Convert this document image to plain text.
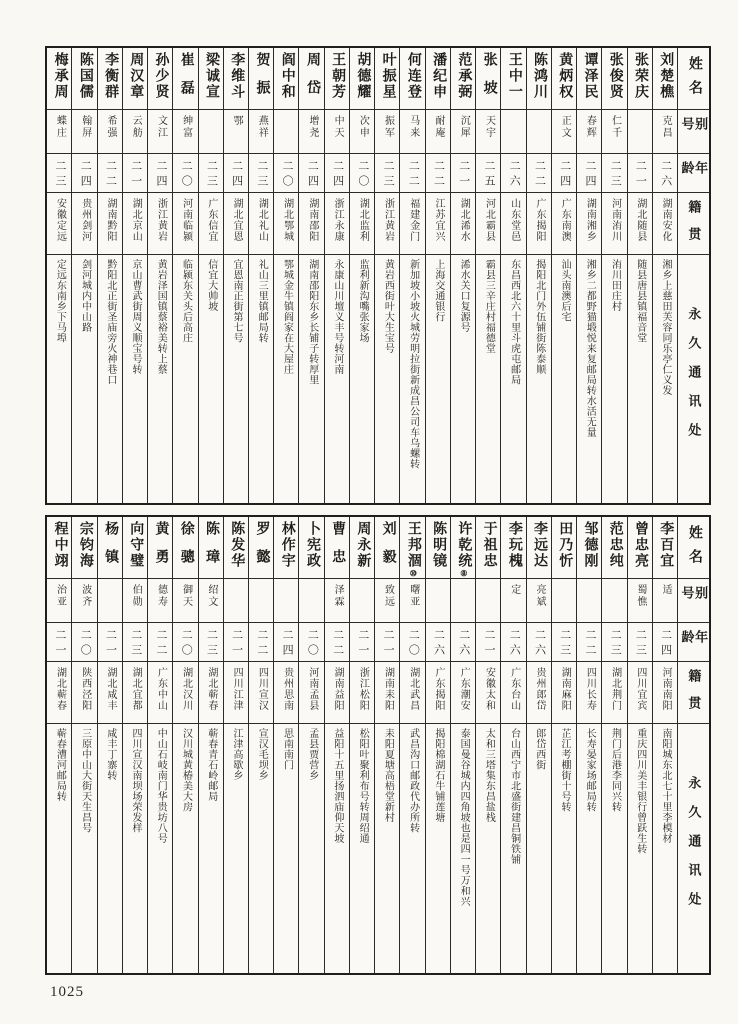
姓名
别号
年龄
籍贯
永久通讯处
刘楚樵
克昌
二六
湖南安化
湘乡上慈田芙容同乐亭仁义发
张荣庆
二一
湖北随县
随县唐县镇福音堂
张俊贤
仁千
二三
河南洧川
洧川田庄村
谭泽民
春辉
二四
湖南湘乡
湘乡二都野猫塅悦来复邮局转水活无量
黄炳权
正文
二四
广东南澳
汕头南澳后宅
陈鸿川
二二
广东揭阳
揭阳北门外伍铺街陈泰顺
王中一
二六
山东堂邑
东昌西北六十里斗虎屯邮局
张坡
天宇
二五
河北霸县
霸县三辛庄村福德堂
范承弼
沉犀
二一
湖北浠水
浠水关口复源号
潘纪申
耐庵
二二
江苏宜兴
上海交通银行
何连登
马来
二二
福建金门
新加坡小坡火城劳明拉街新成昌公司车乌螺转
叶振星
振军
二三
浙江黄岩
黄岩西街叶大生宝号
胡德耀
次申
二〇
湖北监利
监利新沟嘴张家场
王朝芳
中天
二四
浙江永康
永康山川壇义丰号转河南
周岱
增尧
二四
湖南邵阳
湖南邵阳东乡长铺子转厚里
阎中和
二〇
湖北鄂城
鄂城金牛镇阎家在大屋庄
贺振
燕祥
二三
湖北礼山
礼山三里镇邮局转
李维斗
鄂
二四
湖北宜恩
宜恩南正街第七号
梁诚宣
二三
广东信宜
信宜大帅坡
崔磊
绅富
二〇
河南临颍
临颍东关头后高庄
孙少贤
文江
二四
浙江黄岩
黄岩泽国镇蔡裕美转上蔡
周汉章
云舫
二一
湖北京山
京山曹武街周义顺宝号转
李衡群
希强
二二
湖南黔阳
黔阳北正街圣庙旁火神巷口
陈国儒
翰屏
二四
贵州剑河
剑河城内中山路
梅承周
蝶庄
二三
安徽定远
定远东南乡下马埠
姓名
别号
年龄
籍贯
永久通讯处
李百宜
适
二四
河南南阳
南阳城东北七十里李模材
曾忠亮
蜀憔
二三
四川宜宾
重庆四川美丰银行曾跃生转
范忠纯
二三
湖北荆门
荆门后港李同兴转
邹德刚
二二
四川长寿
长寿晏家场邮局转
田乃忻
二三
湖南麻阳
芷江考棚街十号转
李远达
亮斌
二六
贵州郎岱
郎岱西街
李玩槐
定
二六
广东台山
台山西宁市北盛街建昌铜铁铺
于祖忠
二一
安徽太和
太和三塔集东昌盐栈
许乾统⑧
二六
广东潮安
泰国曼谷城内四角坡也是四一号万和兴
陈明镜
二六
广东揭阳
揭阳棉湖石牛铺莲塘
王邦涸⑩
曙亚
二〇
湖北武昌
武昌沟口邮政代办所转
刘毅
致远
二一
湖南耒阳
耒阳夏塘高梧堂新村
周永新
二一
浙江松阳
松阳叶聚利布号转周绍通
曹忠
泽霖
二二
湖南益阳
益阳十五里扬泗庙仰天坡
卜宪政
二〇
河南孟县
孟县贾营乡
林作宇
二四
贵州思南
思南南门
罗懿
二二
四川宣汉
宣汉毛坝乡
陈发华
二一
四川江津
江津高歇乡
陈璋
绍文
二三
湖北蕲春
蕲春青石岭邮局
徐骢
御天
二〇
湖北汉川
汉川城黄椿美大房
黄勇
德寿
二二
广东中山
中山石岐南门华贵坊八号
向守璧
伯勋
二三
湖北宜都
四川宣汉南坝场荣发样
杨镇
二一
湖北咸丰
咸丰丁寨转
宗钧海
波齐
二〇
陕西泾阳
三原中山大街天生昌号
程中翊
治亚
二一
湖北蕲春
蕲春漕河邮局转
1025
